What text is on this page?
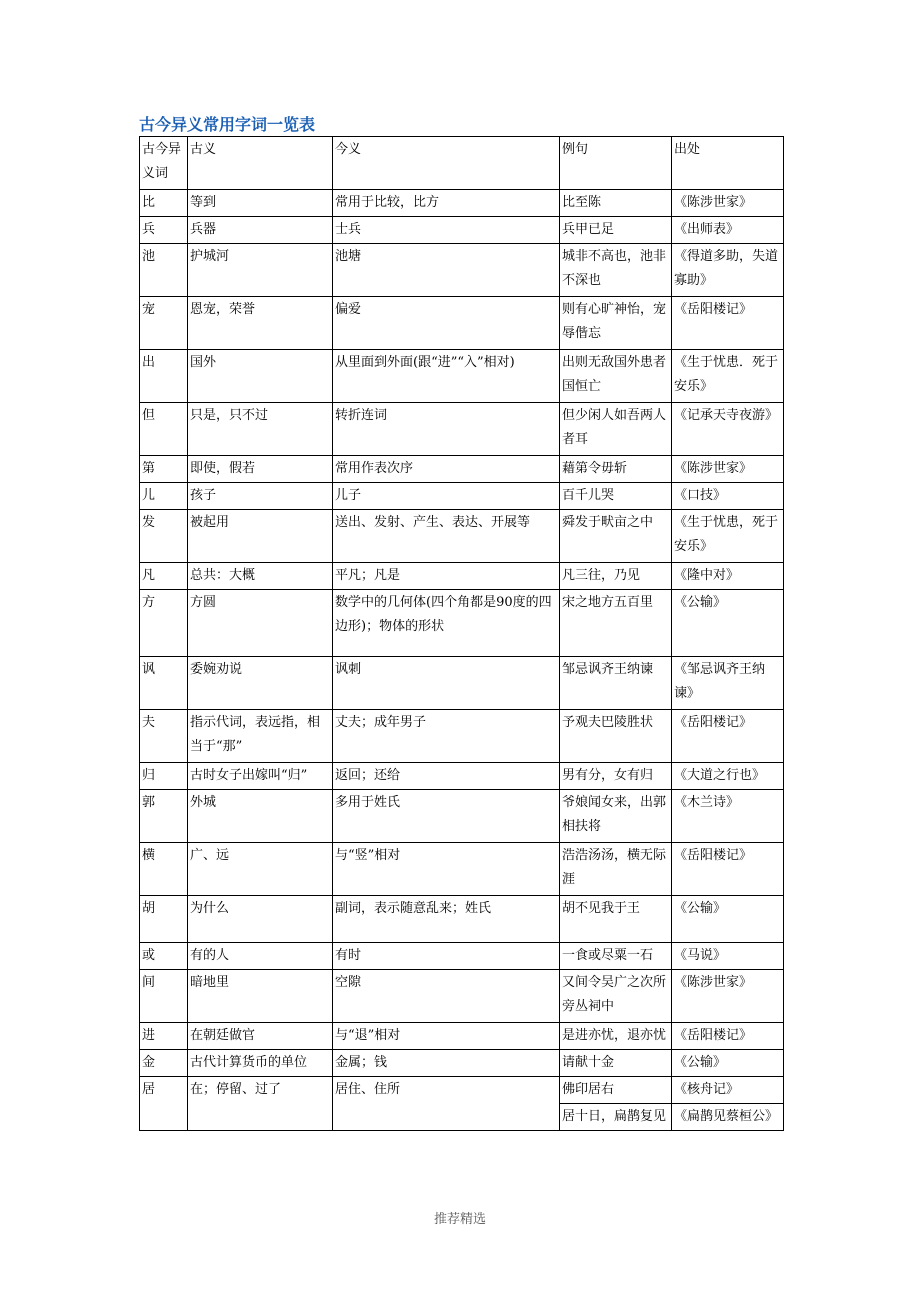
古今异义常用字词一览表
古今异义词	古义	今义	例句	出处
比	等到	常用于比较，比方	比至陈	《陈涉世家》
兵	兵器	士兵	兵甲已足	《出师表》
池	护城河	池塘	城非不高也，池非不深也	《得道多助，失道寡助》
宠	恩宠，荣誉	偏爱	则有心旷神怡，宠辱偕忘	《岳阳楼记》
出	国外	从里面到外面(跟“进”“入”相对)	出则无敌国外患者国恒亡	《生于忧患．死于安乐》
但	只是，只不过	转折连词	但少闲人如吾两人者耳	《记承天寺夜游》
第	即使，假若	常用作表次序	藉第令毋斩	《陈涉世家》
儿	孩子	儿子	百千儿哭	《口技》
发	被起用	送出、发射、产生、表达、开展等	舜发于畎亩之中	《生于忧患，死于安乐》
凡	总共：大概	平凡；凡是	凡三往，乃见	《隆中对》
方	方圆	数学中的几何体(四个角都是90度的四边形)；物体的形状	宋之地方五百里	《公输》
讽	委婉劝说	讽刺	邹忌讽齐王纳谏	《邹忌讽齐王纳谏》
夫	指示代词，表远指，相当于“那”	丈夫；成年男子	予观夫巴陵胜状	《岳阳楼记》
归	古时女子出嫁叫“归”	返回；还给	男有分，女有归	《大道之行也》
郭	外城	多用于姓氏	爷娘闻女来，出郭相扶将	《木兰诗》
横	广、远	与“竖”相对	浩浩汤汤，横无际涯	《岳阳楼记》
胡	为什么	副词，表示随意乱来；姓氏	胡不见我于王	《公输》
或	有的人	有时	一食或尽粟一石	《马说》
间	暗地里	空隙	又间令吴广之次所旁丛祠中	《陈涉世家》
进	在朝廷做官	与“退”相对	是进亦忧，退亦忧	《岳阳楼记》
金	古代计算货币的单位	金属；钱	请献十金	《公输》
居	在；停留、过了	居住、住所	佛印居右	《核舟记》
			居十日，扁鹊复见	《扁鹊见蔡桓公》
推荐精选
